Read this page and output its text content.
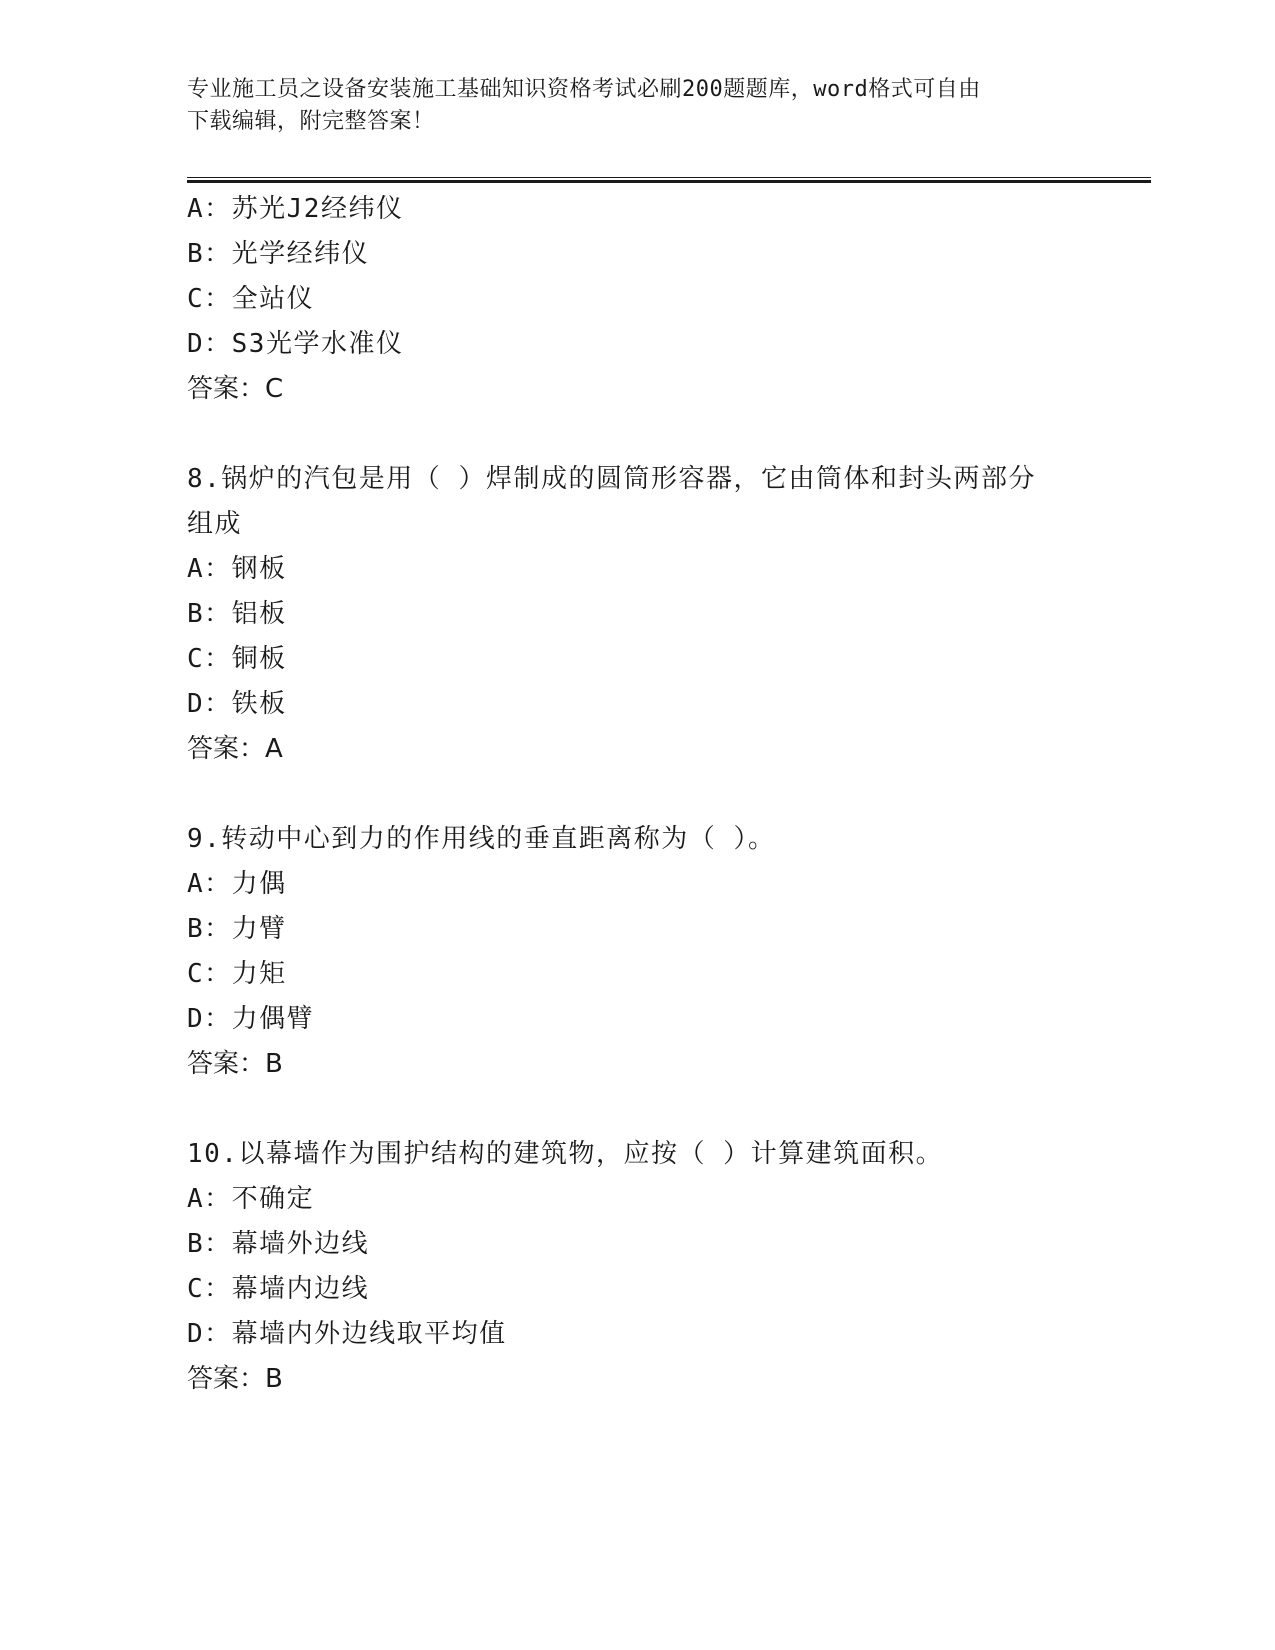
专业施工员之设备安装施工基础知识资格考试必刷200题题库，word格式可自由
下载编辑，附完整答案！
A：苏光J2经纬仪
B：光学经纬仪
C：全站仪
D：S3光学水准仪
答案：C
8.锅炉的汽包是用（ ）焊制成的圆筒形容器，它由筒体和封头两部分
组成
A：钢板
B：铝板
C：铜板
D：铁板
答案：A
9.转动中心到力的作用线的垂直距离称为（ ）。
A：力偶
B：力臂
C：力矩
D：力偶臂
答案：B
10.以幕墙作为围护结构的建筑物，应按（ ）计算建筑面积。
A：不确定
B：幕墙外边线
C：幕墙内边线
D：幕墙内外边线取平均值
答案：B
